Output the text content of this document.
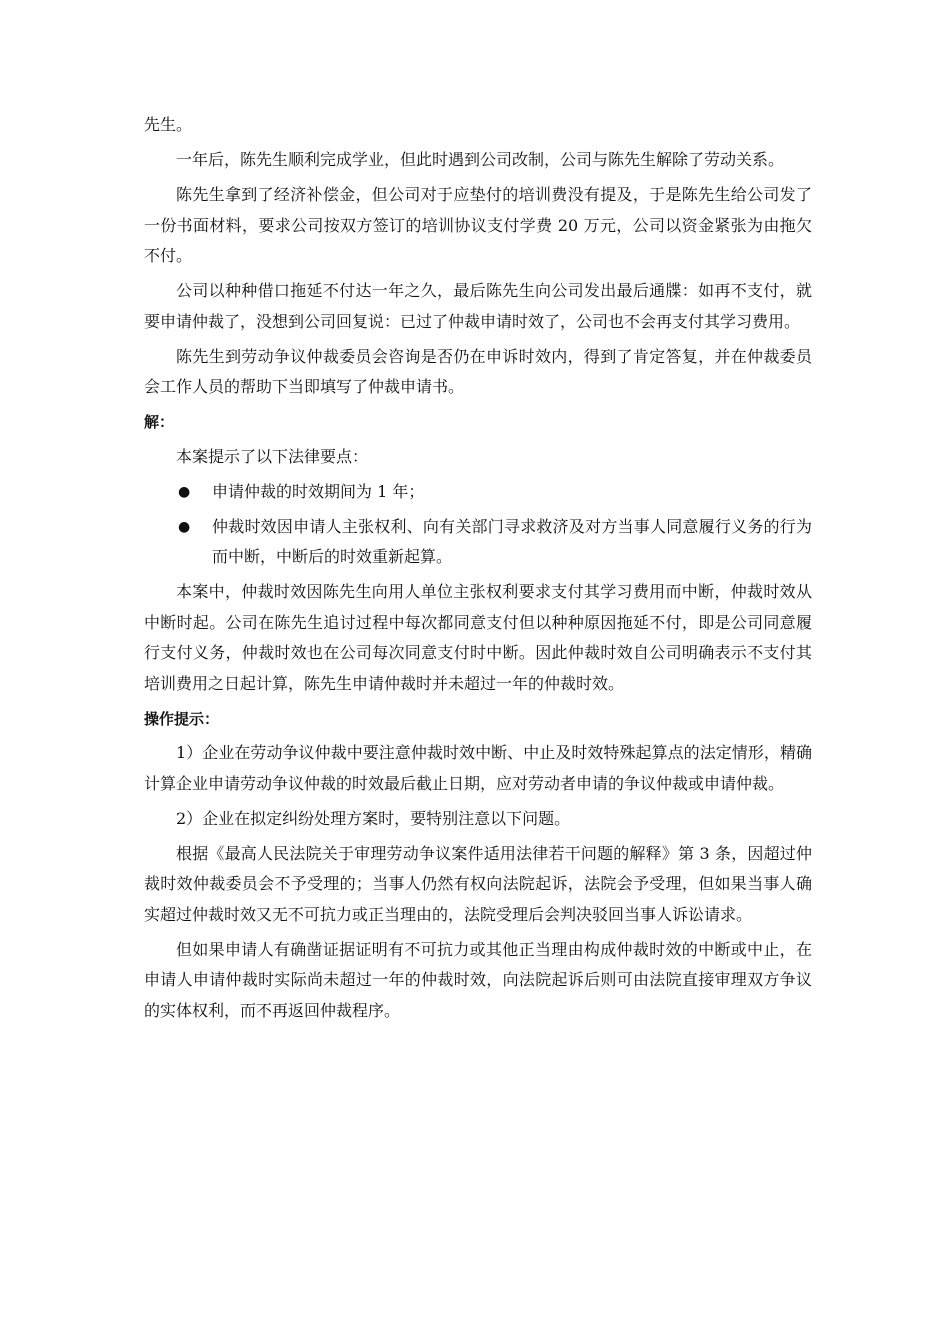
先生。

一年后，陈先生顺利完成学业，但此时遇到公司改制，公司与陈先生解除了劳动关系。

陈先生拿到了经济补偿金，但公司对于应垫付的培训费没有提及，于是陈先生给公司发了一份书面材料，要求公司按双方签订的培训协议支付学费 20 万元，公司以资金紧张为由拖欠不付。

公司以种种借口拖延不付达一年之久，最后陈先生向公司发出最后通牒：如再不支付，就要申请仲裁了，没想到公司回复说：已过了仲裁申请时效了，公司也不会再支付其学习费用。

陈先生到劳动争议仲裁委员会咨询是否仍在申诉时效内，得到了肯定答复，并在仲裁委员会工作人员的帮助下当即填写了仲裁申请书。

解：

本案提示了以下法律要点：

● 申请仲裁的时效期间为 1 年；

● 仲裁时效因申请人主张权利、向有关部门寻求救济及对方当事人同意履行义务的行为而中断，中断后的时效重新起算。

本案中，仲裁时效因陈先生向用人单位主张权利要求支付其学习费用而中断，仲裁时效从中断时起。公司在陈先生追讨过程中每次都同意支付但以种种原因拖延不付，即是公司同意履行支付义务，仲裁时效也在公司每次同意支付时中断。因此仲裁时效自公司明确表示不支付其培训费用之日起计算，陈先生申请仲裁时并未超过一年的仲裁时效。

操作提示：

1）企业在劳动争议仲裁中要注意仲裁时效中断、中止及时效特殊起算点的法定情形，精确计算企业申请劳动争议仲裁的时效最后截止日期，应对劳动者申请的争议仲裁或申请仲裁。

2）企业在拟定纠纷处理方案时，要特别注意以下问题。

根据《最高人民法院关于审理劳动争议案件适用法律若干问题的解释》第 3 条，因超过仲裁时效仲裁委员会不予受理的；当事人仍然有权向法院起诉，法院会予受理，但如果当事人确实超过仲裁时效又无不可抗力或正当理由的，法院受理后会判决驳回当事人诉讼请求。

但如果申请人有确凿证据证明有不可抗力或其他正当理由构成仲裁时效的中断或中止，在申请人申请仲裁时实际尚未超过一年的仲裁时效，向法院起诉后则可由法院直接审理双方争议的实体权利，而不再返回仲裁程序。
